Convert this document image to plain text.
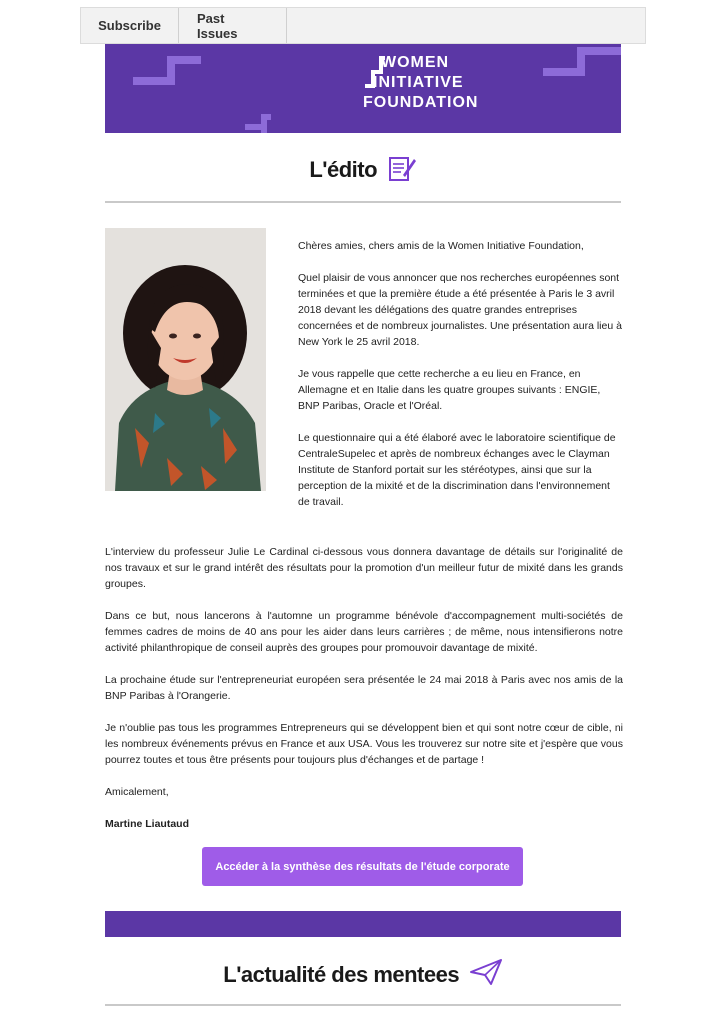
Subscribe	Past Issues
WOMEN
INITIATIVE
FOUNDATION
L'édito

Chères amies, chers amis de la Women Initiative Foundation,

Quel plaisir de vous annoncer que nos recherches européennes sont terminées et que la première étude a été présentée à Paris le 3 avril 2018 devant les délégations des quatre grandes entreprises concernées et de nombreux journalistes. Une présentation aura lieu à New York le 25 avril 2018.

Je vous rappelle que cette recherche a eu lieu en France, en Allemagne et en Italie dans les quatre groupes suivants : ENGIE, BNP Paribas, Oracle et l'Oréal.

Le questionnaire qui a été élaboré avec le laboratoire scientifique de CentraleSupelec et après de nombreux échanges avec le Clayman Institute de Stanford portait sur les stéréotypes, ainsi que sur la perception de la mixité et de la discrimination dans l'environnement de travail.

L'interview du professeur Julie Le Cardinal ci-dessous vous donnera davantage de détails sur l'originalité de nos travaux et sur le grand intérêt des résultats pour la promotion d'un meilleur futur de mixité dans les grands groupes.

Dans ce but, nous lancerons à l'automne un programme bénévole d'accompagnement multi-sociétés de femmes cadres de moins de 40 ans pour les aider dans leurs carrières ; de même, nous intensifierons notre activité philanthropique de conseil auprès des groupes pour promouvoir davantage de mixité.

La prochaine étude sur l'entrepreneuriat européen sera présentée le 24 mai 2018 à Paris avec nos amis de la BNP Paribas à l'Orangerie.

Je n'oublie pas tous les programmes Entrepreneurs qui se développent bien et qui sont notre cœur de cible, ni les nombreux événements prévus en France et aux USA. Vous les trouverez sur notre site et j'espère que vous pourrez toutes et tous être présents pour toujours plus d'échanges et de partage !

Amicalement,

Martine Liautaud

Accéder à la synthèse des résultats de l'étude corporate
L'actualité des mentees
